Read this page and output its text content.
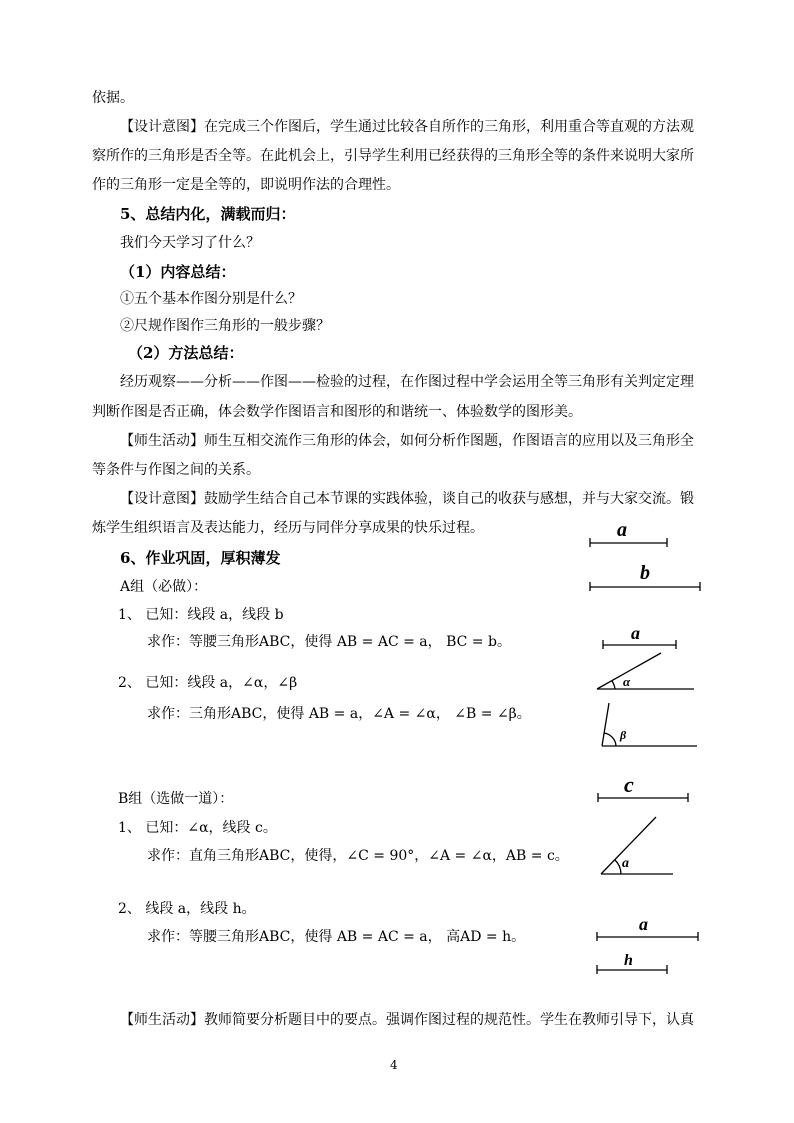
依据。
【设计意图】在完成三个作图后，学生通过比较各自所作的三角形，利用重合等直观的方法观
察所作的三角形是否全等。在此机会上，引导学生利用已经获得的三角形全等的条件来说明大家所
作的三角形一定是全等的，即说明作法的合理性。
5、总结内化，满载而归：
我们今天学习了什么？
（1）内容总结：
①五个基本作图分别是什么？
②尺规作图作三角形的一般步骤？
（2）方法总结：
经历观察——分析——作图——检验的过程，在作图过程中学会运用全等三角形有关判定定理
判断作图是否正确，体会数学作图语言和图形的和谐统一、体验数学的图形美。
【师生活动】师生互相交流作三角形的体会，如何分析作图题，作图语言的应用以及三角形全
等条件与作图之间的关系。
【设计意图】鼓励学生结合自己本节课的实践体验，谈自己的收获与感想，并与大家交流。锻
炼学生组织语言及表达能力，经历与同伴分享成果的快乐过程。
6、作业巩固，厚积薄发
A组（必做）：
1、 已知：线段 a，线段 b
求作：等腰三角形ABC，使得 AB = AC = a， BC = b。
2、 已知：线段 a，∠α，∠β
求作：三角形ABC，使得 AB = a，∠A = ∠α， ∠B = ∠β。
B组（选做一道）：
1、 已知：∠α，线段 c。
求作：直角三角形ABC，使得，∠C = 90°，∠A = ∠α，AB = c。
2、 线段 a，线段 h。
求作：等腰三角形ABC，使得 AB = AC = a， 高AD = h。
【师生活动】教师简要分析题目中的要点。强调作图过程的规范性。学生在教师引导下，认真
4
a
b
a
α
β
c
a
a
h
